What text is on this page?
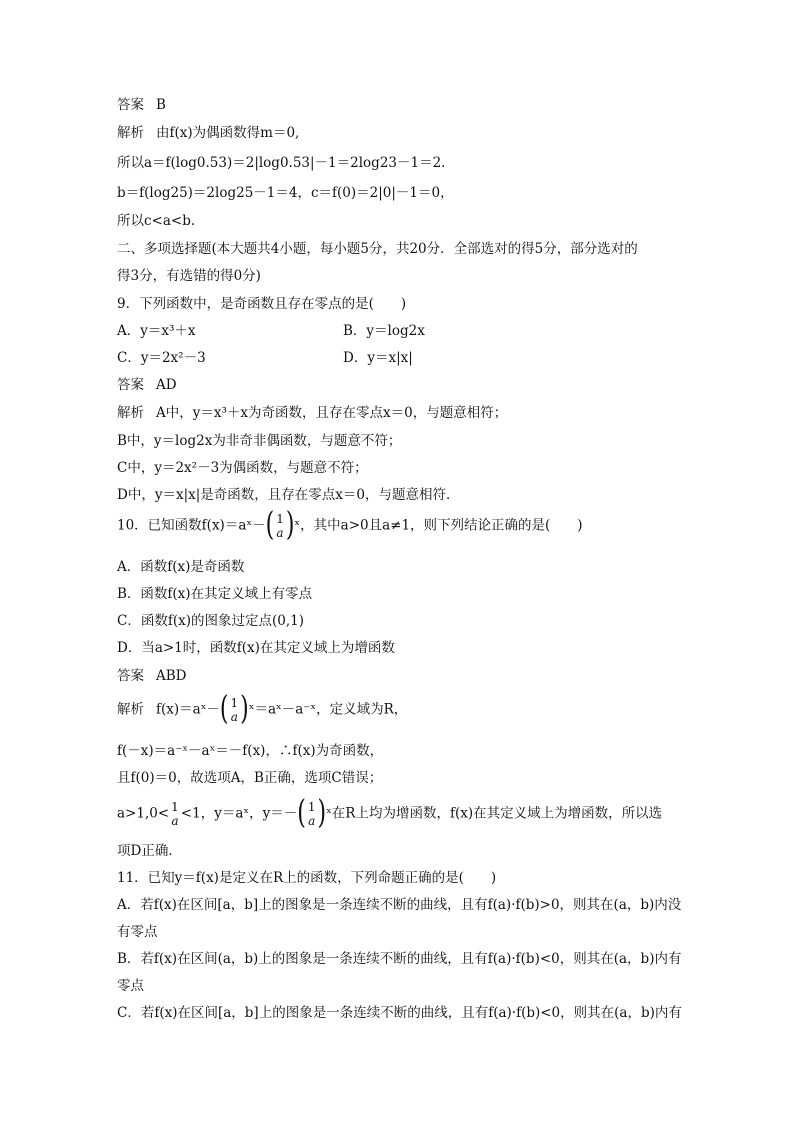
答案 B
解析 由f(x)为偶函数得m＝0,
所以a＝f(log0.53)＝2|log0.53|－1＝2log23－1＝2.
b＝f(log25)＝2log25－1＝4，c＝f(0)＝2|0|－1＝0，
所以c<a<b.
二、多项选择题(本大题共4小题，每小题5分，共20分．全部选对的得5分，部分选对的
得3分，有选错的得0分)
9．下列函数中，是奇函数且存在零点的是(　　)
A．y＝x³＋x	B．y＝log2x
C．y＝2x²－3	D．y＝x|x|
答案 AD
解析 A中，y＝x³＋x为奇函数，且存在零点x＝0，与题意相符；
B中，y＝log2x为非奇非偶函数，与题意不符；
C中，y＝2x²－3为偶函数，与题意不符；
D中，y＝x|x|是奇函数，且存在零点x＝0，与题意相符．
10．已知函数f(x)＝aˣ－( 1
a )ˣ，其中a>0且a≠1，则下列结论正确的是(　　)
A．函数f(x)是奇函数
B．函数f(x)在其定义域上有零点
C．函数f(x)的图象过定点(0,1)
D．当a>1时，函数f(x)在其定义域上为增函数
答案 ABD
解析 f(x)＝aˣ－( 1
a )ˣ＝aˣ－a⁻ˣ，定义域为R，
f(－x)＝a⁻ˣ－aˣ＝－f(x)，∴f(x)为奇函数，
且f(0)＝0，故选项A，B正确，选项C错误；
a>1,0< 1
a <1，y＝aˣ，y＝－( 1
a )ˣ在R上均为增函数，f(x)在其定义域上为增函数，所以选
项D正确．
11．已知y＝f(x)是定义在R上的函数，下列命题正确的是(　　)
A．若f(x)在区间[a，b]上的图象是一条连续不断的曲线，且有f(a)·f(b)>0，则其在(a，b)内没
有零点
B．若f(x)在区间(a，b)上的图象是一条连续不断的曲线，且有f(a)·f(b)<0，则其在(a，b)内有
零点
C．若f(x)在区间[a，b]上的图象是一条连续不断的曲线，且有f(a)·f(b)<0，则其在(a，b)内有
